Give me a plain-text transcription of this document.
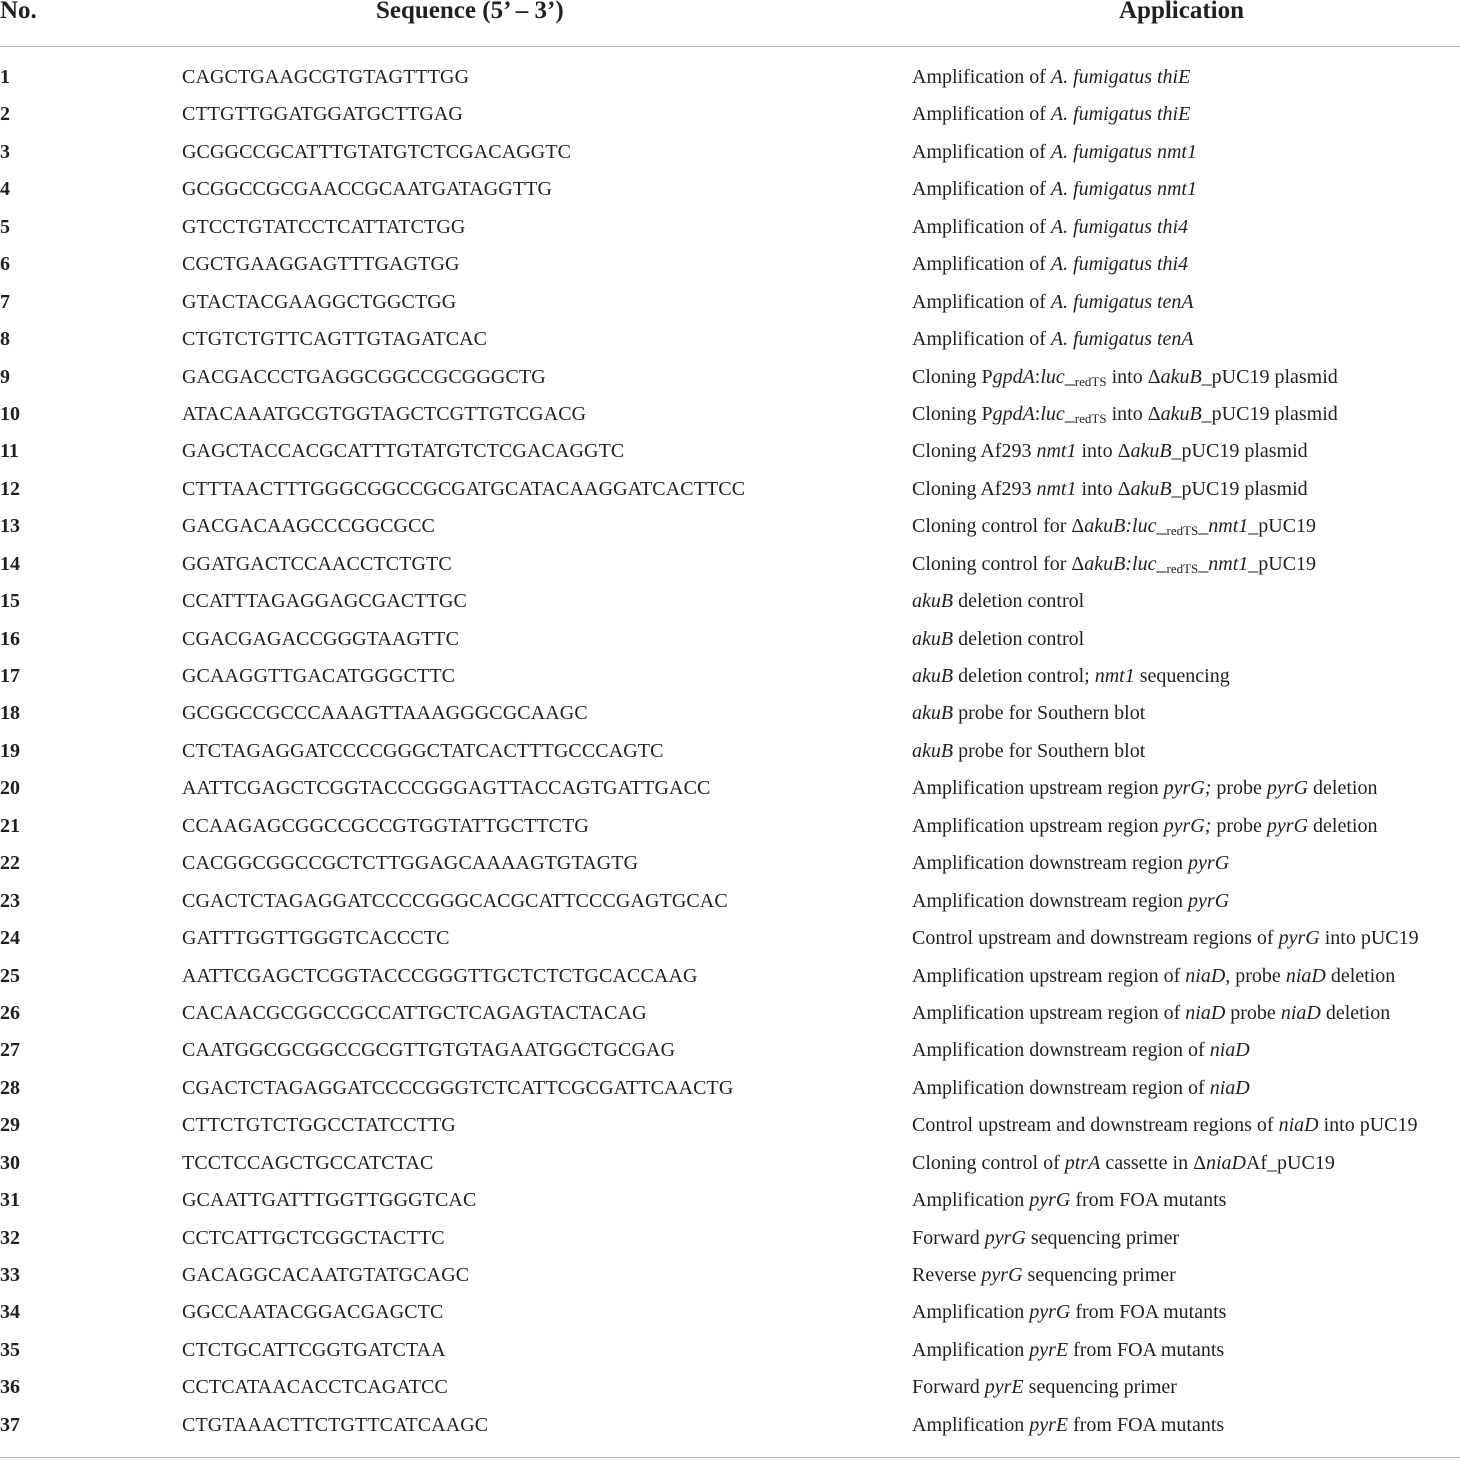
No.	Sequence (5’ – 3’)	Application
1	CAGCTGAAGCGTGTAGTTTGG	Amplification of A. fumigatus thiE
2	CTTGTTGGATGGATGCTTGAG	Amplification of A. fumigatus thiE
3	GCGGCCGCATTTGTATGTCTCGACAGGTC	Amplification of A. fumigatus nmt1
4	GCGGCCGCGAACCGCAATGATAGGTTG	Amplification of A. fumigatus nmt1
5	GTCCTGTATCCTCATTATCTGG	Amplification of A. fumigatus thi4
6	CGCTGAAGGAGTTTGAGTGG	Amplification of A. fumigatus thi4
7	GTACTACGAAGGCTGGCTGG	Amplification of A. fumigatus tenA
8	CTGTCTGTTCAGTTGTAGATCAC	Amplification of A. fumigatus tenA
9	GACGACCCTGAGGCGGCCGCGGGCTG	Cloning $PgpdA:luc\__{redTS}$ into ΔakuB_pUC19 plasmid
10	ATACAAATGCGTGGTAGCTCGTTGTCGACG	Cloning $PgpdA:luc\__{redTS}$ into ΔakuB_pUC19 plasmid
11	GAGCTACCACGCATTTGTATGTCTCGACAGGTC	Cloning Af293 nmt1 into ΔakuB_pUC19 plasmid
12	CTTTAACTTTGGGCGGCCGCGATGCATACAAGGATCACTTCC	Cloning Af293 nmt1 into ΔakuB_pUC19 plasmid
13	GACGACAAGCCCGGCGCC	Cloning control for $\Delta akuB:luc\__{redTS}\_nmt1\_pUC19$
14	GGATGACTCCAACCTCTGTC	Cloning control for $\Delta akuB:luc\__{redTS}\_nmt1\_pUC19$
15	CCATTTAGAGGAGCGACTTGC	akuB deletion control
16	CGACGAGACCGGGTAAGTTC	akuB deletion control
17	GCAAGGTTGACATGGGCTTC	akuB deletion control; nmt1 sequencing
18	GCGGCCGCCCAAAGTTAAAGGGCGCAAGC	akuB probe for Southern blot
19	CTCTAGAGGATCCCCGGGCTATCACTTTGCCCAGTC	akuB probe for Southern blot
20	AATTCGAGCTCGGTACCCGGGAGTTACCAGTGATTGACC	Amplification upstream region pyrG; probe pyrG deletion
21	CCAAGAGCGGCCGCCGTGGTATTGCTTCTG	Amplification upstream region pyrG; probe pyrG deletion
22	CACGGCGGCCGCTCTTGGAGCAAAAGTGTAGTG	Amplification downstream region pyrG
23	CGACTCTAGAGGATCCCCGGGCACGCATTCCCGAGTGCAC	Amplification downstream region pyrG
24	GATTTGGTTGGGTCACCCTC	Control upstream and downstream regions of pyrG into pUC19
25	AATTCGAGCTCGGTACCCGGGTTGCTCTCTGCACCAAG	Amplification upstream region of niaD, probe niaD deletion
26	CACAACGCGGCCGCCATTGCTCAGAGTACTACAG	Amplification upstream region of niaD probe niaD deletion
27	CAATGGCGCGGCCGCGTTGTGTAGAATGGCTGCGAG	Amplification downstream region of niaD
28	CGACTCTAGAGGATCCCCGGGTCTCATTCGCGATTCAACTG	Amplification downstream region of niaD
29	CTTCTGTCTGGCCTATCCTTG	Control upstream and downstream regions of niaD into pUC19
30	TCCTCCAGCTGCCATCTAC	Cloning control of ptrA cassette in ΔniaDAf_pUC19
31	GCAATTGATTTGGTTGGGTCAC	Amplification pyrG from FOA mutants
32	CCTCATTGCTCGGCTACTTC	Forward pyrG sequencing primer
33	GACAGGCACAATGTATGCAGC	Reverse pyrG sequencing primer
34	GGCCAATACGGACGAGCTC	Amplification pyrG from FOA mutants
35	CTCTGCATTCGGTGATCTAA	Amplification pyrE from FOA mutants
36	CCTCATAACACCTCAGATCC	Forward pyrE sequencing primer
37	CTGTAAACTTCTGTTCATCAAGC	Amplification pyrE from FOA mutants
